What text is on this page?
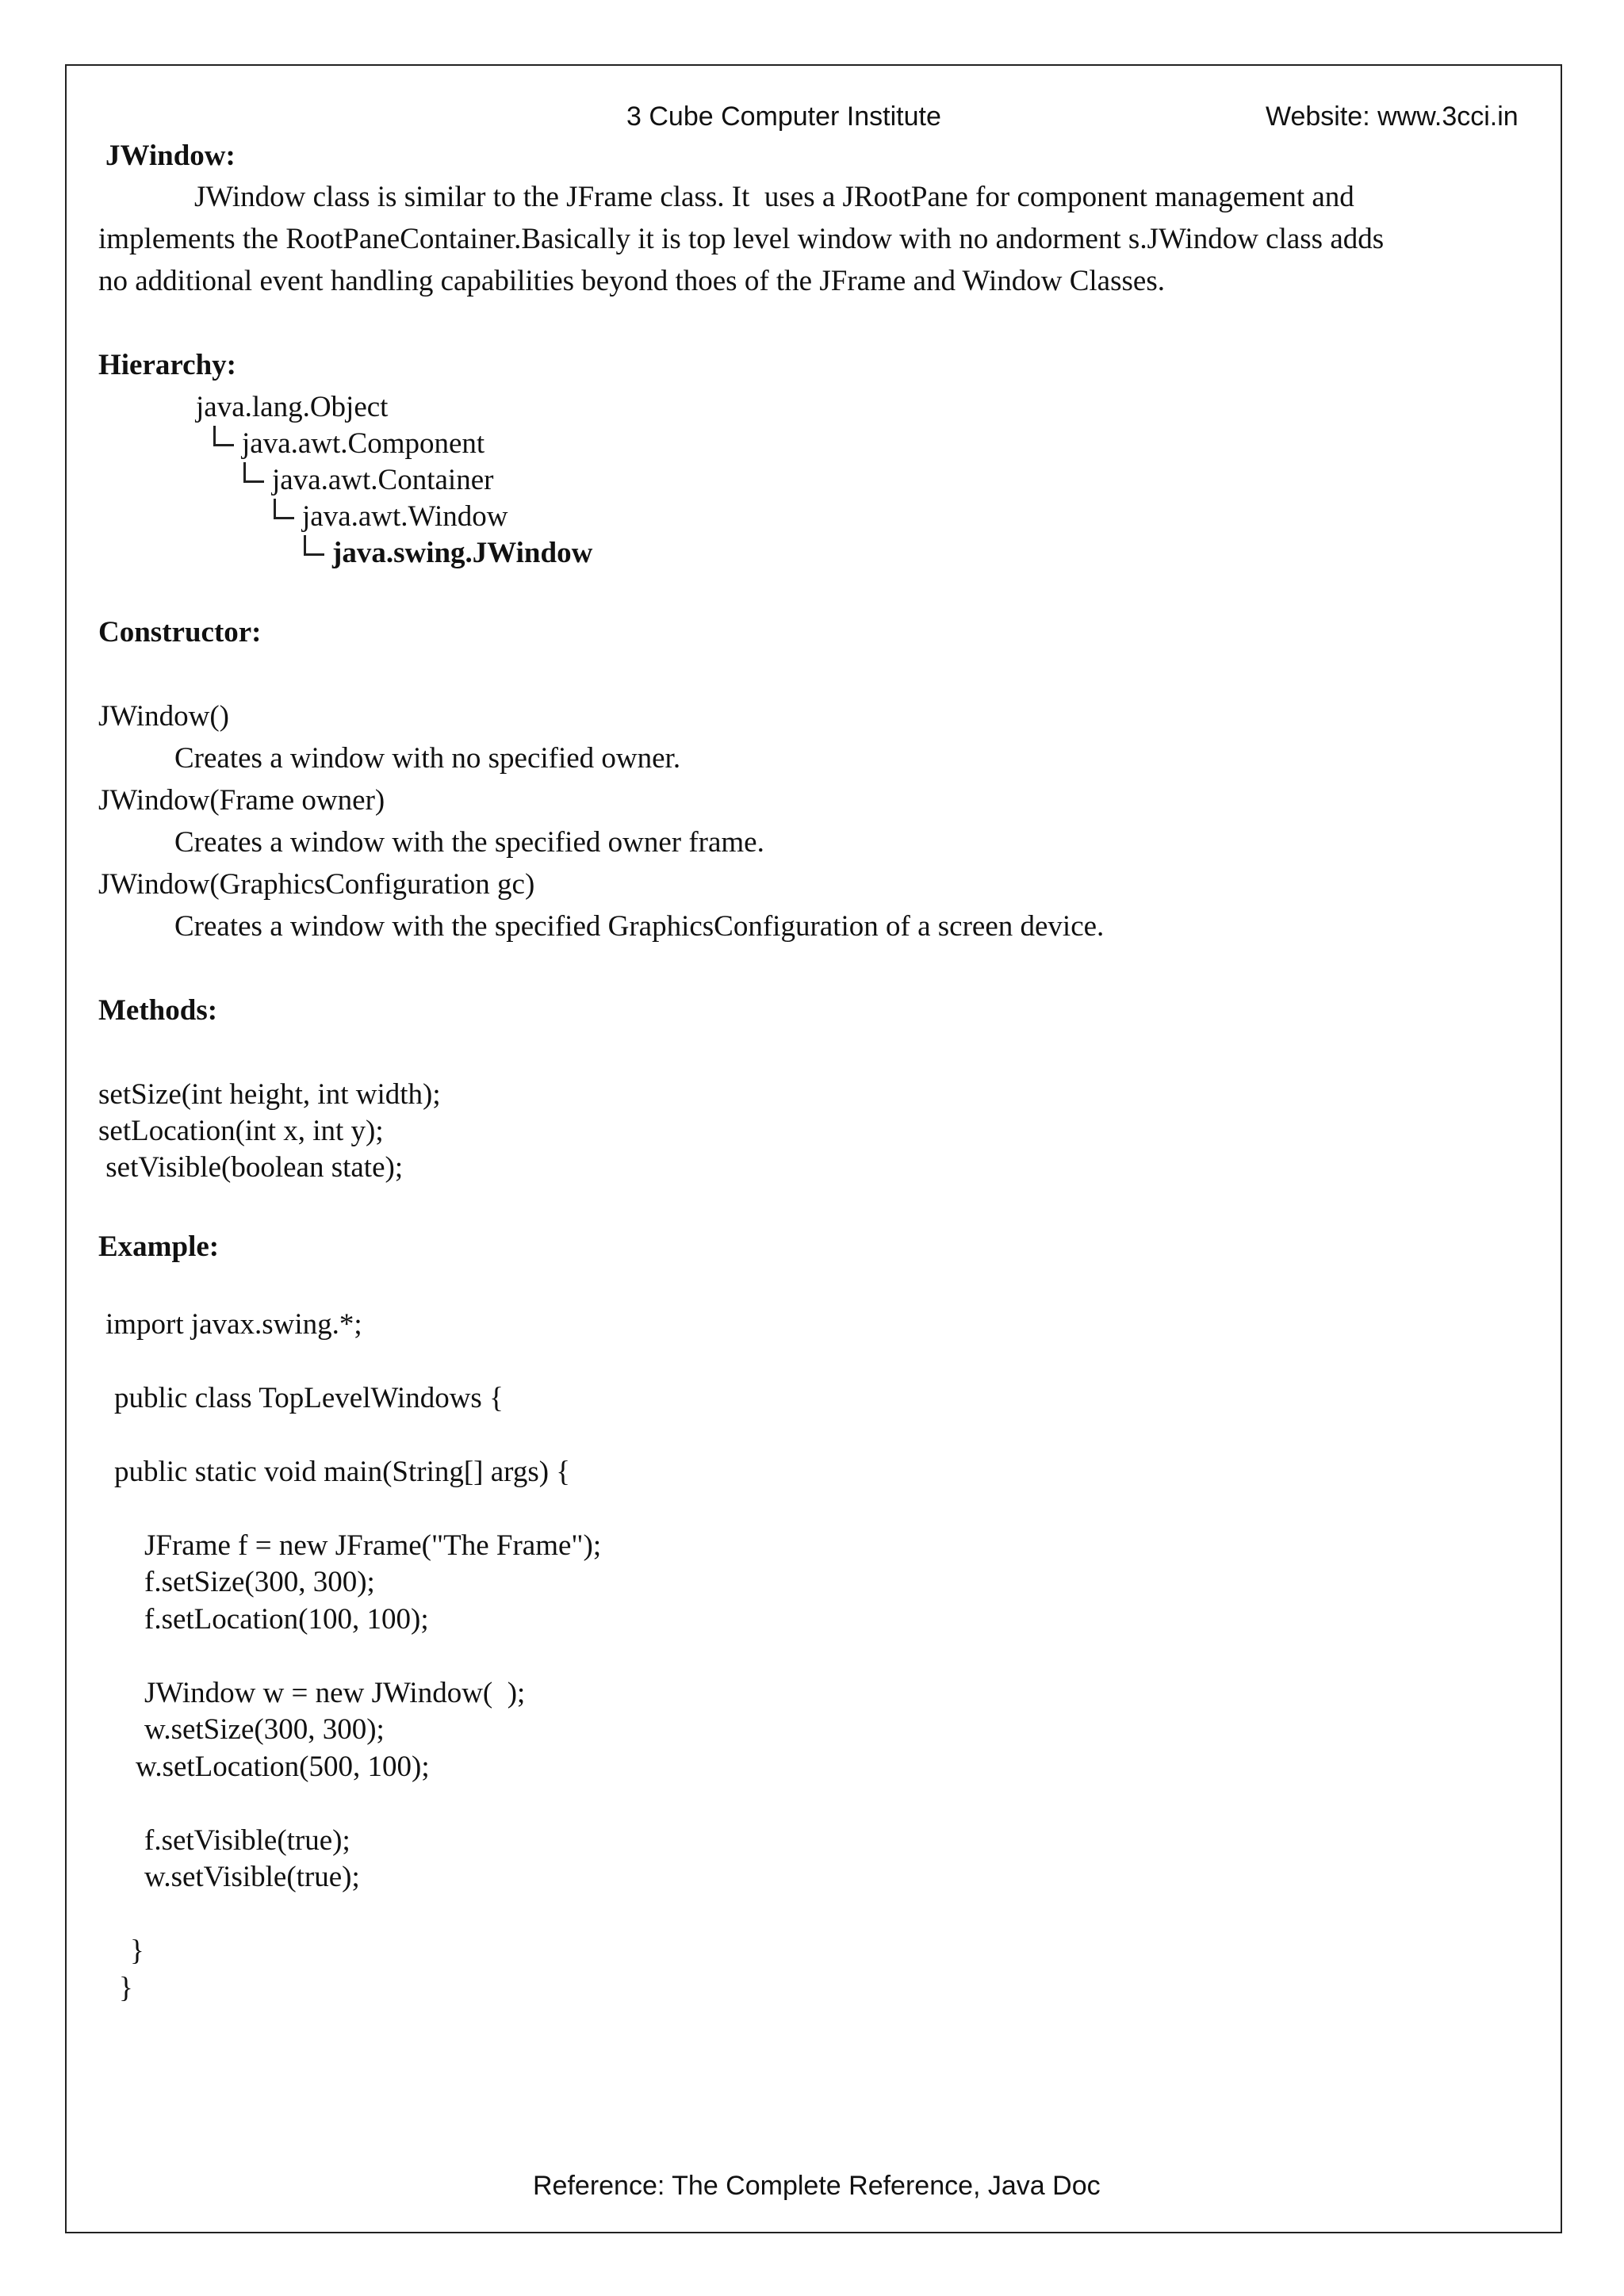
3 Cube Computer Institute	Website: www.3cci.in
JWindow:
JWindow class is similar to the JFrame class. It  uses a JRootPane for component management and
implements the RootPaneContainer.Basically it is top level window with no andorment s.JWindow class adds
no additional event handling capabilities beyond thoes of the JFrame and Window Classes.
Hierarchy:
java.lang.Object
java.awt.Component
java.awt.Container
java.awt.Window
java.swing.JWindow
Constructor:
JWindow()
Creates a window with no specified owner.
JWindow(Frame owner)
Creates a window with the specified owner frame.
JWindow(GraphicsConfiguration gc)
Creates a window with the specified GraphicsConfiguration of a screen device.
Methods:
setSize(int height, int width);
setLocation(int x, int y);
setVisible(boolean state);
Example:
import javax.swing.*;
public class TopLevelWindows {
public static void main(String[] args) {
JFrame f = new JFrame("The Frame");
f.setSize(300, 300);
f.setLocation(100, 100);
JWindow w = new JWindow(  );
w.setSize(300, 300);
w.setLocation(500, 100);
f.setVisible(true);
w.setVisible(true);
}
}
Reference: The Complete Reference, Java Doc
